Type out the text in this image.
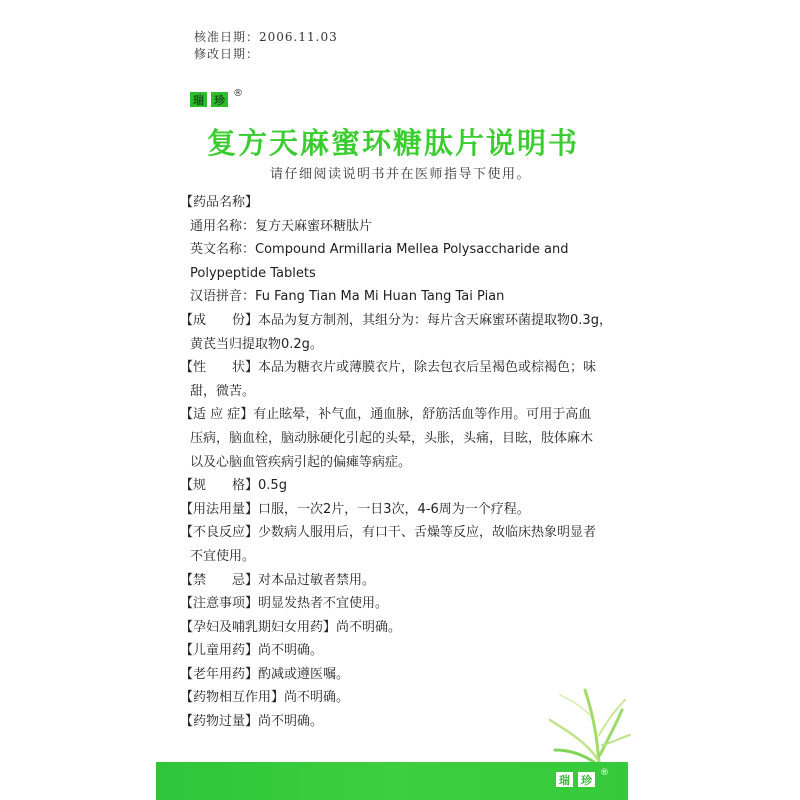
核准日期：2006.11.03
修改日期：
瑞 珍 ®
复方天麻蜜环糖肽片说明书
请仔细阅读说明书并在医师指导下使用。
【药品名称】
通用名称：复方天麻蜜环糖肽片
英文名称：Compound Armillaria Mellea Polysaccharide and
Polypeptide Tablets
汉语拼音：Fu Fang Tian Ma Mi Huan Tang Tai Pian
【成　　份】本品为复方制剂，其组分为：每片含天麻蜜环菌提取物0.3g，
黄芪当归提取物0.2g。
【性　　状】本品为糖衣片或薄膜衣片，除去包衣后呈褐色或棕褐色；味
甜，微苦。
【适 应 症】有止眩晕，补气血，通血脉，舒筋活血等作用。可用于高血
压病，脑血栓，脑动脉硬化引起的头晕，头胀，头痛，目眩，肢体麻木
以及心脑血管疾病引起的偏瘫等病症。
【规　　格】0.5g
【用法用量】口服，一次2片，一日3次，4-6周为一个疗程。
【不良反应】少数病人服用后，有口干、舌燥等反应，故临床热象明显者
不宜使用。
【禁　　忌】对本品过敏者禁用。
【注意事项】明显发热者不宜使用。
【孕妇及哺乳期妇女用药】尚不明确。
【儿童用药】尚不明确。
【老年用药】酌减或遵医嘱。
【药物相互作用】尚不明确。
【药物过量】尚不明确。
瑞 珍
®
